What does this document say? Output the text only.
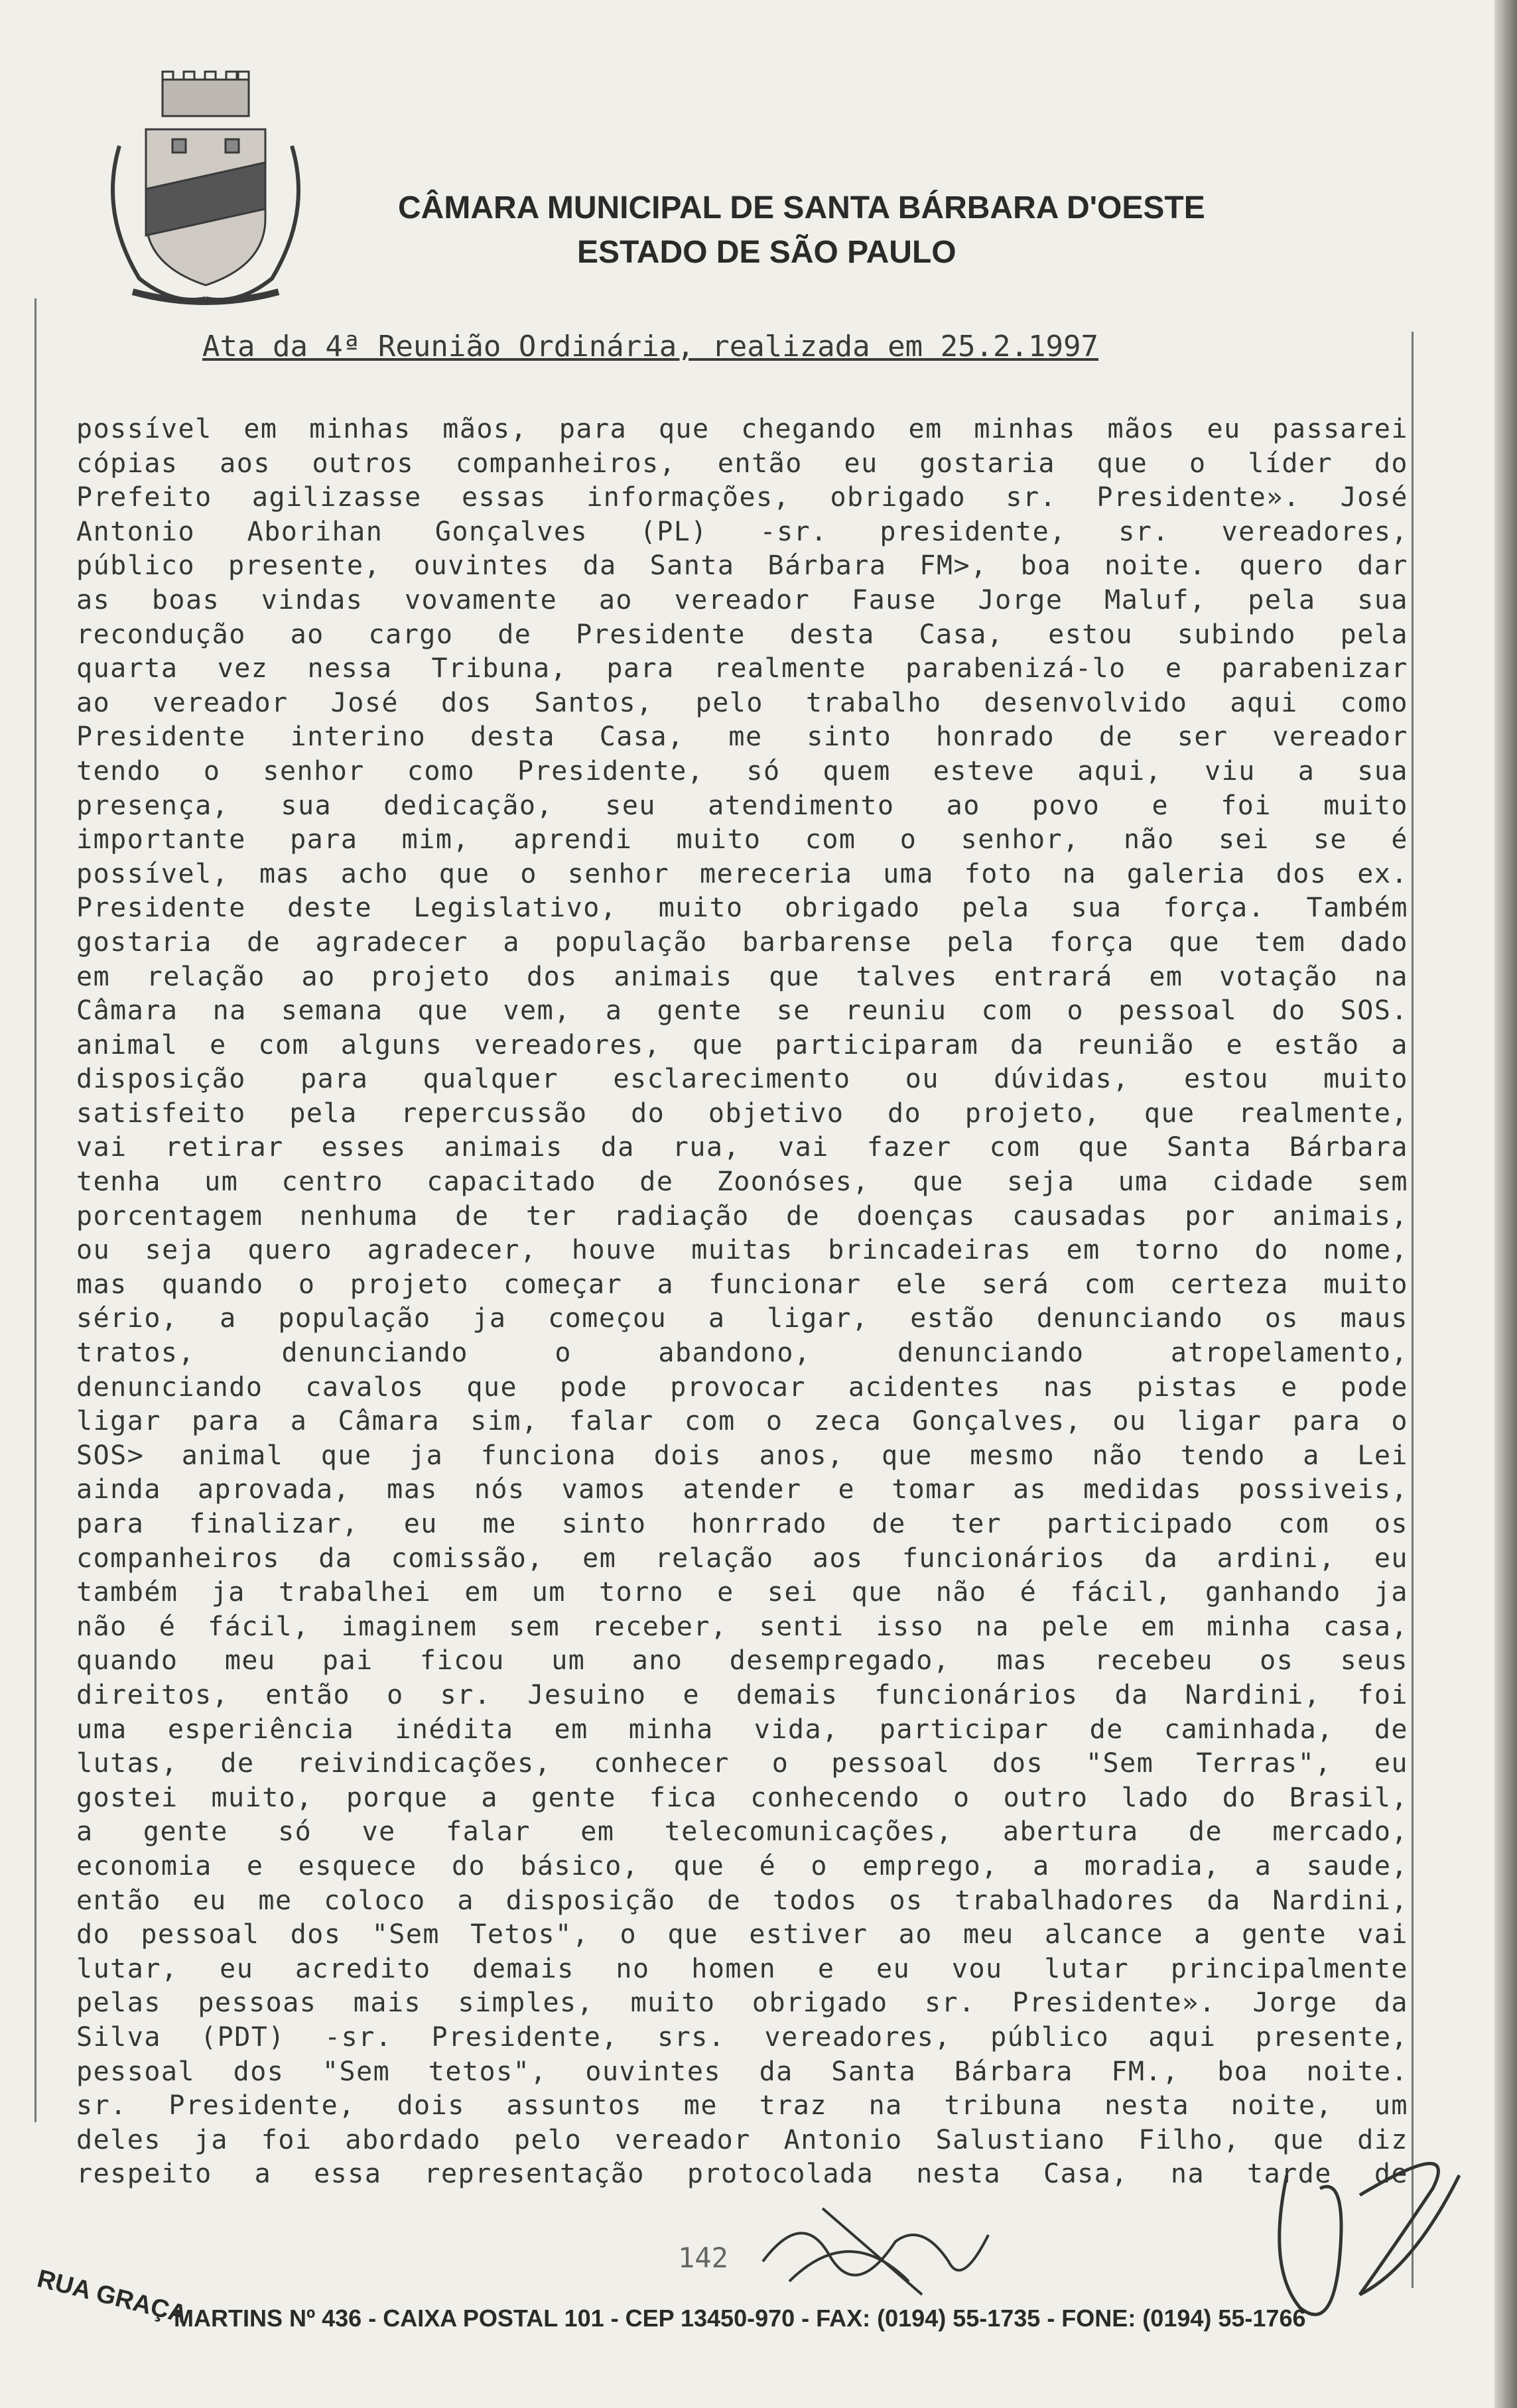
CÂMARA MUNICIPAL DE SANTA BÁRBARA D'OESTE
ESTADO DE SÃO PAULO
Ata da 4ª Reunião Ordinária, realizada em 25.2.1997
possível em minhas mãos, para que chegando em minhas mãos eu passarei
cópias aos outros companheiros, então eu gostaria que o líder do
Prefeito agilizasse essas informações, obrigado sr. Presidente». José
Antonio Aborihan Gonçalves (PL) -sr. presidente, sr. vereadores,
público presente, ouvintes da Santa Bárbara FM>, boa noite. quero dar
as boas vindas vovamente ao vereador Fause Jorge Maluf, pela sua
recondução ao cargo de Presidente desta Casa, estou subindo pela
quarta vez nessa Tribuna, para realmente parabenizá-lo e parabenizar
ao vereador José dos Santos, pelo trabalho desenvolvido aqui como
Presidente interino desta Casa, me sinto honrado de ser vereador
tendo o senhor como Presidente, só quem esteve aqui, viu a sua
presença, sua dedicação, seu atendimento ao povo e foi muito
importante para mim, aprendi muito com o senhor, não sei se é
possível, mas acho que o senhor mereceria uma foto na galeria dos ex.
Presidente deste Legislativo, muito obrigado pela sua força. Também
gostaria de agradecer a população barbarense pela força que tem dado
em relação ao projeto dos animais que talves entrará em votação na
Câmara na semana que vem, a gente se reuniu com o pessoal do SOS.
animal e com alguns vereadores, que participaram da reunião e estão a
disposição para qualquer esclarecimento ou dúvidas, estou muito
satisfeito pela repercussão do objetivo do projeto, que realmente,
vai retirar esses animais da rua, vai fazer com que Santa Bárbara
tenha um centro capacitado de Zoonóses, que seja uma cidade sem
porcentagem nenhuma de ter radiação de doenças causadas por animais,
ou seja quero agradecer, houve muitas brincadeiras em torno do nome,
mas quando o projeto começar a funcionar ele será com certeza muito
sério, a população ja começou a ligar, estão denunciando os maus
tratos, denunciando o abandono, denunciando atropelamento,
denunciando cavalos que pode provocar acidentes nas pistas e pode
ligar para a Câmara sim, falar com o zeca Gonçalves, ou ligar para o
SOS> animal que ja funciona dois anos, que mesmo não tendo a Lei
ainda aprovada, mas nós vamos atender e tomar as medidas possiveis,
para finalizar, eu me sinto honrrado de ter participado com os
companheiros da comissão, em relação aos funcionários da ardini, eu
também ja trabalhei em um torno e sei que não é fácil, ganhando ja
não é fácil, imaginem sem receber, senti isso na pele em minha casa,
quando meu pai ficou um ano desempregado, mas recebeu os seus
direitos, então o sr. Jesuino e demais funcionários da Nardini, foi
uma esperiência inédita em minha vida, participar de caminhada, de
lutas, de reivindicações, conhecer o pessoal dos "Sem Terras", eu
gostei muito, porque a gente fica conhecendo o outro lado do Brasil,
a gente só ve falar em telecomunicações, abertura de mercado,
economia e esquece do básico, que é o emprego, a moradia, a saude,
então eu me coloco a disposição de todos os trabalhadores da Nardini,
do pessoal dos "Sem Tetos", o que estiver ao meu alcance a gente vai
lutar, eu acredito demais no homen e eu vou lutar principalmente
pelas pessoas mais simples, muito obrigado sr. Presidente». Jorge da
Silva (PDT) -sr. Presidente, srs. vereadores, público aqui presente,
pessoal dos "Sem tetos", ouvintes da Santa Bárbara FM., boa noite.
sr. Presidente, dois assuntos me traz na tribuna nesta noite, um
deles ja foi abordado pelo vereador Antonio Salustiano Filho, que diz
respeito a essa representação protocolada nesta Casa, na tarde de
142
RUA GRAÇA
MARTINS Nº 436 - CAIXA POSTAL 101 - CEP 13450-970 - FAX: (0194) 55-1735 - FONE: (0194) 55-1766
